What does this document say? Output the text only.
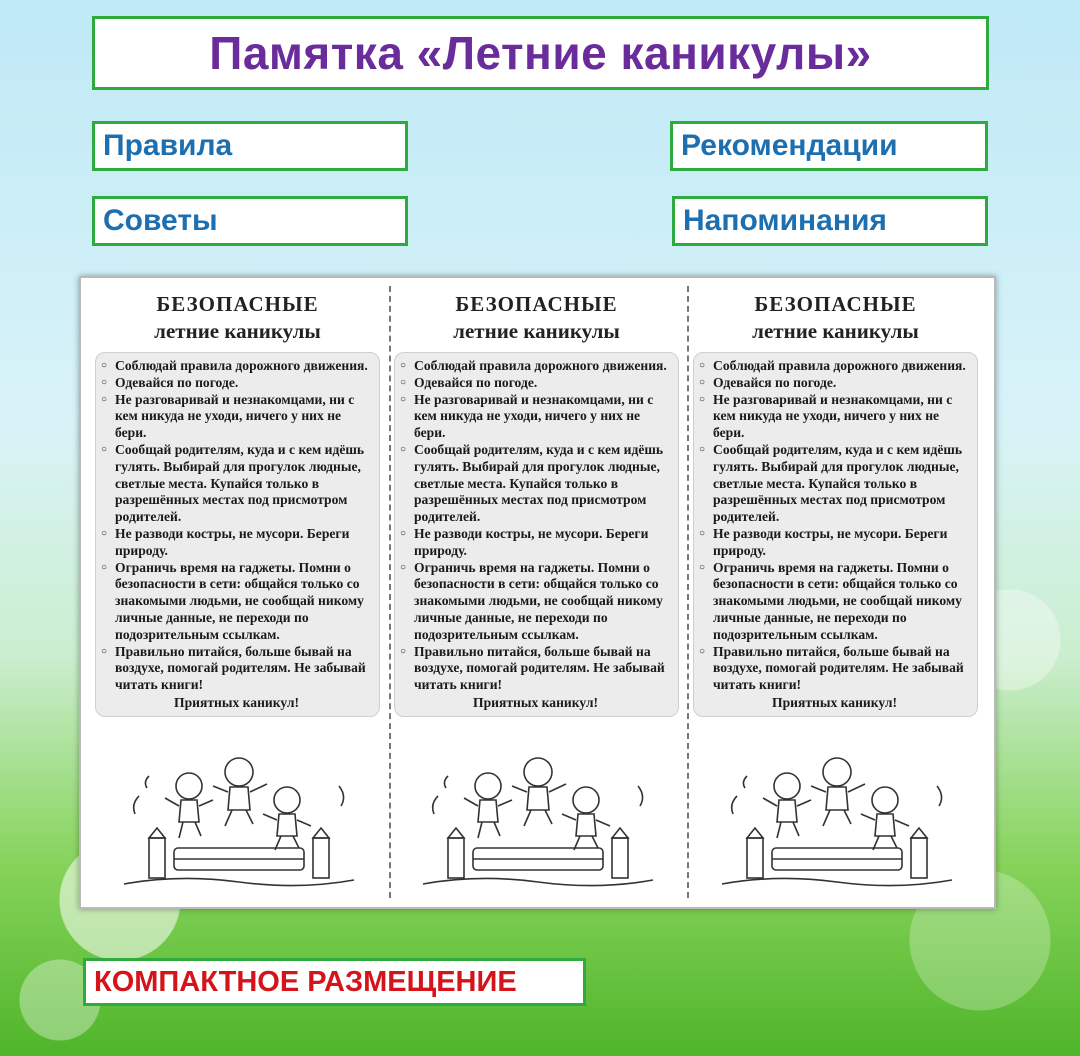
Памятка «Летние каникулы»
Правила	Рекомендации
Советы	Напоминания
БЕЗОПАСНЫЕ
летние каникулы
○ Соблюдай правила дорожного движения.
○ Одевайся по погоде.
○ Не разговаривай и незнакомцами, ни с кем никуда не уходи, ничего у них не бери.
○ Сообщай родителям, куда и с кем идёшь гулять. Выбирай для прогулок людные, светлые места. Купайся только в разрешённых местах под присмотром родителей.
○ Не разводи костры, не мусори. Береги природу.
○ Ограничь время на гаджеты. Помни о безопасности в сети: общайся только со знакомыми людьми, не сообщай никому личные данные, не переходи по подозрительным ссылкам.
○ Правильно питайся, больше бывай на воздухе, помогай родителям. Не забывай читать книги!
Приятных каникул!
БЕЗОПАСНЫЕ
летние каникулы
○ Соблюдай правила дорожного движения.
○ Одевайся по погоде.
○ Не разговаривай и незнакомцами, ни с кем никуда не уходи, ничего у них не бери.
○ Сообщай родителям, куда и с кем идёшь гулять. Выбирай для прогулок людные, светлые места. Купайся только в разрешённых местах под присмотром родителей.
○ Не разводи костры, не мусори. Береги природу.
○ Ограничь время на гаджеты. Помни о безопасности в сети: общайся только со знакомыми людьми, не сообщай никому личные данные, не переходи по подозрительным ссылкам.
○ Правильно питайся, больше бывай на воздухе, помогай родителям. Не забывай читать книги!
Приятных каникул!
БЕЗОПАСНЫЕ
летние каникулы
○ Соблюдай правила дорожного движения.
○ Одевайся по погоде.
○ Не разговаривай и незнакомцами, ни с кем никуда не уходи, ничего у них не бери.
○ Сообщай родителям, куда и с кем идёшь гулять. Выбирай для прогулок людные, светлые места. Купайся только в разрешённых местах под присмотром родителей.
○ Не разводи костры, не мусори. Береги природу.
○ Ограничь время на гаджеты. Помни о безопасности в сети: общайся только со знакомыми людьми, не сообщай никому личные данные, не переходи по подозрительным ссылкам.
○ Правильно питайся, больше бывай на воздухе, помогай родителям. Не забывай читать книги!
Приятных каникул!
КОМПАКТНОЕ РАЗМЕЩЕНИЕ
